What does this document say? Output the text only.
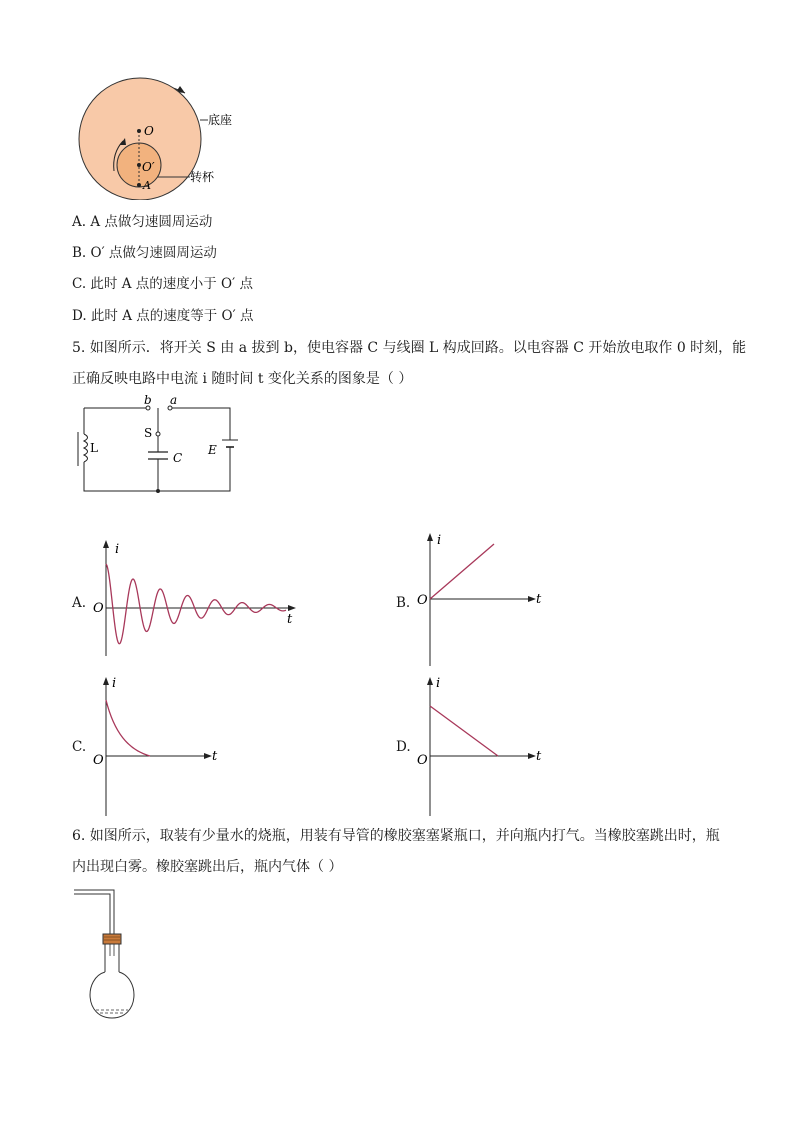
O
O′
A
底座
转杯
A. A 点做匀速圆周运动
B. O′ 点做匀速圆周运动
C. 此时 A 点的速度小于 O′ 点
D. 此时 A 点的速度等于 O′ 点
5. 如图所示．将开关 S 由 a 拔到 b，使电容器 C 与线圈 L 构成回路。以电容器 C 开始放电取作 0 时刻，能
正确反映电路中电流 i 随时间 t 变化关系的图象是（ ）
b a
S
L
C
E
A.
i
t
O	B.
i
t
O
C.
i
t
O
D.
i
t
O
6. 如图所示，取装有少量水的烧瓶，用装有导管的橡胶塞塞紧瓶口，并向瓶内打气。当橡胶塞跳出时，瓶
内出现白雾。橡胶塞跳出后，瓶内气体（ ）
